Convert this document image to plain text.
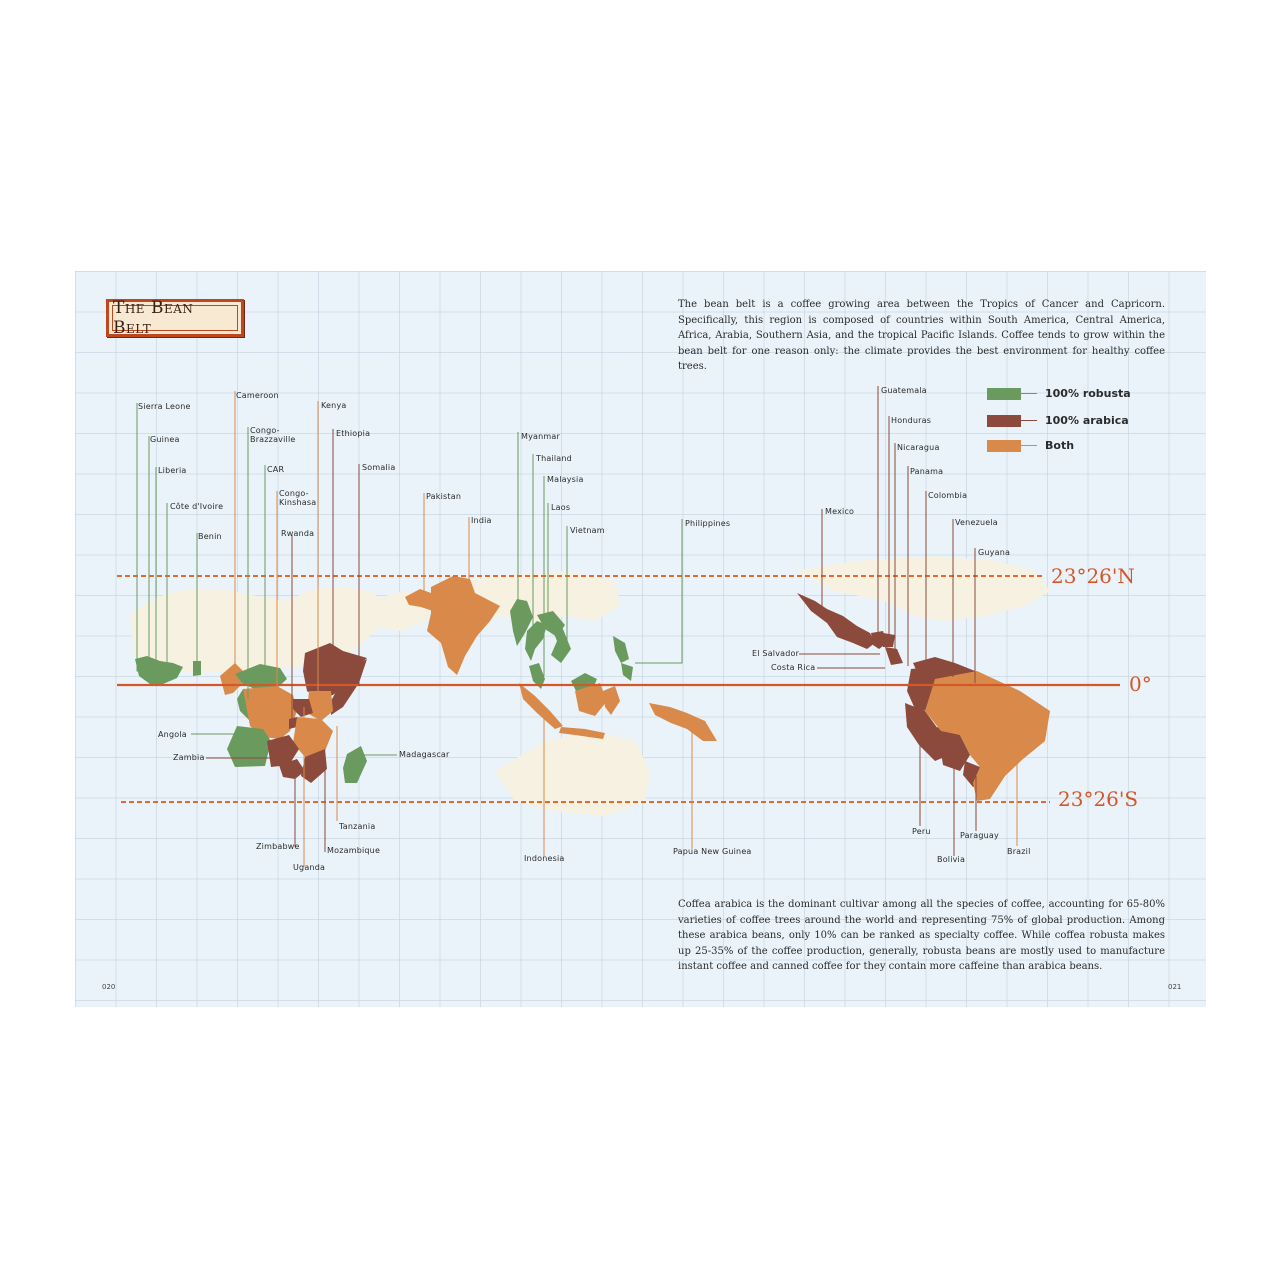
The Bean Belt
The bean belt is a coffee growing area between the Tropics of Cancer and Capricorn. Specifically, this region is composed of countries within South America, Central America, Africa, Arabia, Southern Asia, and the tropical Pacific Islands. Coffee tends to grow within the bean belt for one reason only: the climate provides the best environment for healthy coffee trees.
100% robusta
100% arabica
Both
23°26'N
0°
23°26'S
Sierra Leone
Guinea
Liberia
Côte d'Ivoire
Benin
Cameroon
Congo-
Brazzaville
CAR
Congo-
Kinshasa
Rwanda
Kenya
Ethiopia
Somalia
Angola
Zambia	Madagascar
Tanzania
Zimbabwe	Mozambique
Uganda
Pakistan
India
Myanmar
Thailand
Malaysia
Laos
Vietnam
Philippines
Indonesia
Papua New Guinea
Mexico
Guatemala
Honduras
Nicaragua
Panama
Colombia
Venezuela
Guyana
El Salvador
Costa Rica
Peru	Paraguay
Bolivia
Brazil
Coffea arabica is the dominant cultivar among all the species of coffee, accounting for 65-80% varieties of coffee trees around the world and representing 75% of global production. Among these arabica beans, only 10% can be ranked as specialty coffee. While coffea robusta makes up 25-35% of the coffee production, generally, robusta beans are mostly used to manufacture instant coffee and canned coffee for they contain more caffeine than arabica beans.
020	021
